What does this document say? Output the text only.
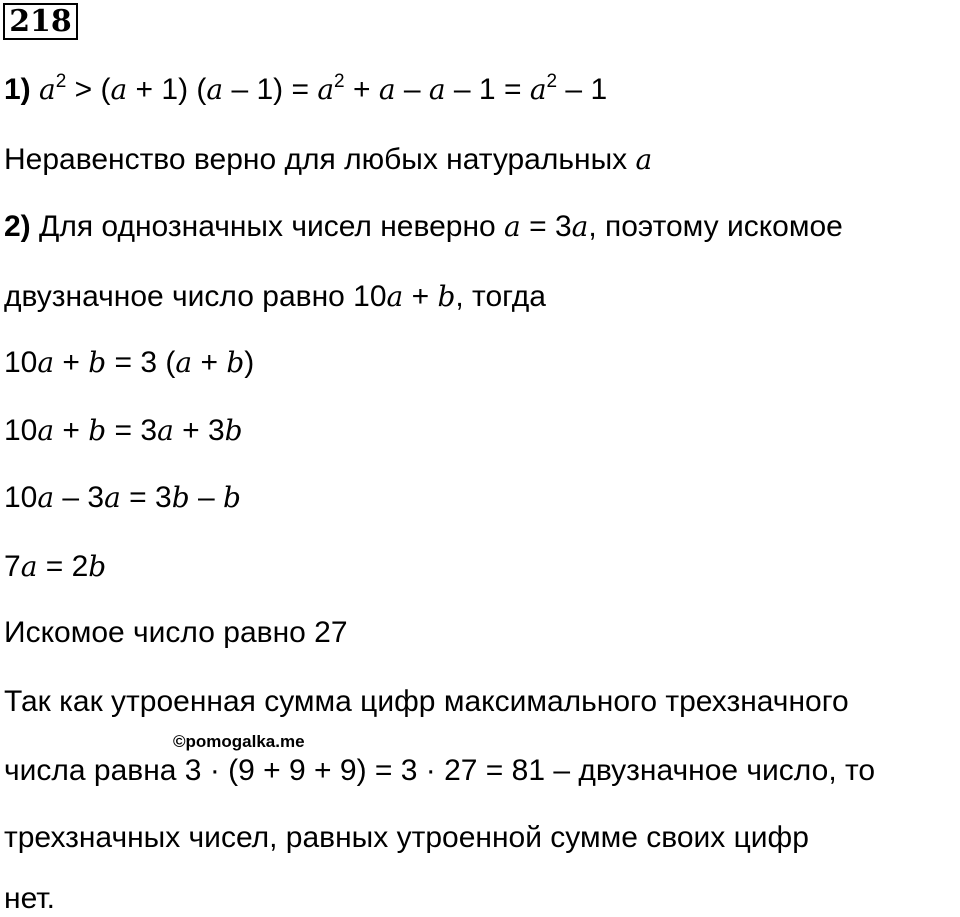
218
1) $a^2 > (a + 1)$ $(a - 1) = a^2 + a - a - 1 = a^2 - 1$
Неравенство верно для любых натуральных a
2) Для однозначных чисел неверно a = 3a, поэтому искомое
двузначное число равно 10a + b, тогда
10a + b = 3 (a + b)
10a + b = 3a + 3b
10a – 3a = 3b – b
7a = 2b
Искомое число равно 27
Так как утроенная сумма цифр максимального трехзначного
©pomogalka.me
числа равна 3 · (9 + 9 + 9) = 3 · 27 = 81 – двузначное число, то
трехзначных чисел, равных утроенной сумме своих цифр
нет.
